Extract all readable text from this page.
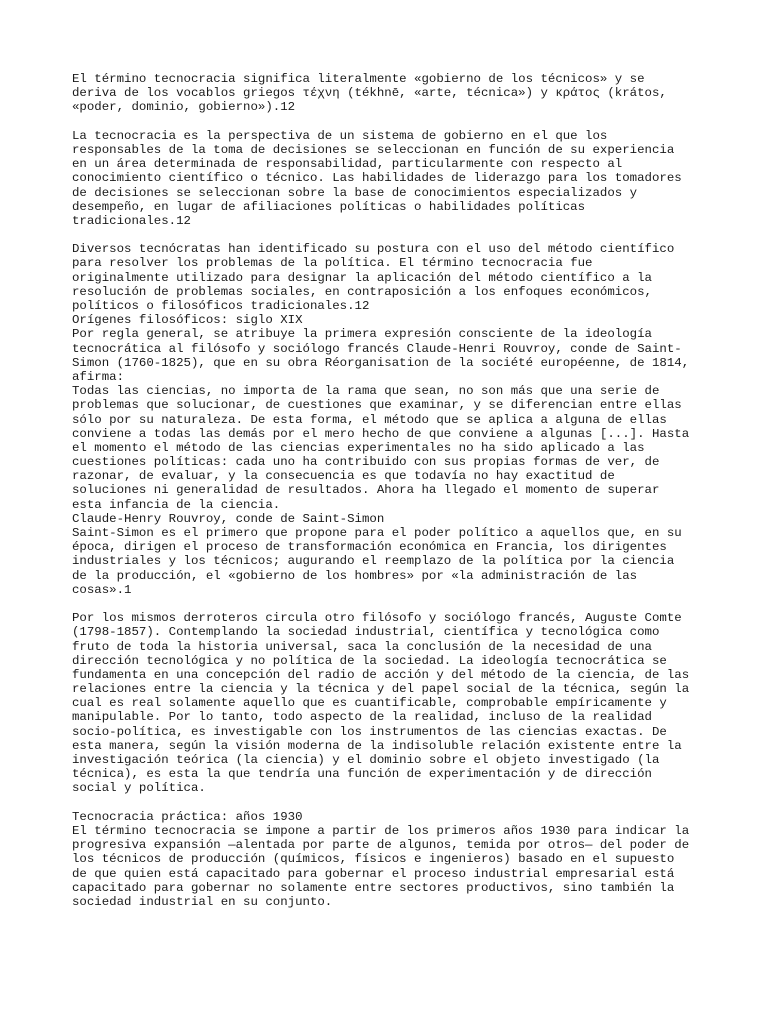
El término tecnocracia significa literalmente «gobierno de los técnicos» y se
deriva de los vocablos griegos τέχνη (tékhnē, «arte, técnica») y κράτος (krátos,
«poder, dominio, gobierno»).12
La tecnocracia es la perspectiva de un sistema de gobierno en el que los
responsables de la toma de decisiones se seleccionan en función de su experiencia
en un área determinada de responsabilidad, particularmente con respecto al
conocimiento científico o técnico. Las habilidades de liderazgo para los tomadores
de decisiones se seleccionan sobre la base de conocimientos especializados y
desempeño, en lugar de afiliaciones políticas o habilidades políticas
tradicionales.12
Diversos tecnócratas han identificado su postura con el uso del método científico
para resolver los problemas de la política. El término tecnocracia fue
originalmente utilizado para designar la aplicación del método científico a la
resolución de problemas sociales, en contraposición a los enfoques económicos,
políticos o filosóficos tradicionales.12
Orígenes filosóficos: siglo XIX
Por regla general, se atribuye la primera expresión consciente de la ideología
tecnocrática al filósofo y sociólogo francés Claude-Henri Rouvroy, conde de Saint-
Simon (1760-1825), que en su obra Réorganisation de la société européenne, de 1814,
afirma:
Todas las ciencias, no importa de la rama que sean, no son más que una serie de
problemas que solucionar, de cuestiones que examinar, y se diferencian entre ellas
sólo por su naturaleza. De esta forma, el método que se aplica a alguna de ellas
conviene a todas las demás por el mero hecho de que conviene a algunas [...]. Hasta
el momento el método de las ciencias experimentales no ha sido aplicado a las
cuestiones políticas: cada uno ha contribuido con sus propias formas de ver, de
razonar, de evaluar, y la consecuencia es que todavía no hay exactitud de
soluciones ni generalidad de resultados. Ahora ha llegado el momento de superar
esta infancia de la ciencia.
Claude-Henry Rouvroy, conde de Saint-Simon
Saint-Simon es el primero que propone para el poder político a aquellos que, en su
época, dirigen el proceso de transformación económica en Francia, los dirigentes
industriales y los técnicos; augurando el reemplazo de la política por la ciencia
de la producción, el «gobierno de los hombres» por «la administración de las
cosas».1
Por los mismos derroteros circula otro filósofo y sociólogo francés, Auguste Comte
(1798-1857). Contemplando la sociedad industrial, científica y tecnológica como
fruto de toda la historia universal, saca la conclusión de la necesidad de una
dirección tecnológica y no política de la sociedad. La ideología tecnocrática se
fundamenta en una concepción del radio de acción y del método de la ciencia, de las
relaciones entre la ciencia y la técnica y del papel social de la técnica, según la
cual es real solamente aquello que es cuantificable, comprobable empíricamente y
manipulable. Por lo tanto, todo aspecto de la realidad, incluso de la realidad
socio-política, es investigable con los instrumentos de las ciencias exactas. De
esta manera, según la visión moderna de la indisoluble relación existente entre la
investigación teórica (la ciencia) y el dominio sobre el objeto investigado (la
técnica), es esta la que tendría una función de experimentación y de dirección
social y política.
Tecnocracia práctica: años 1930
El término tecnocracia se impone a partir de los primeros años 1930 para indicar la
progresiva expansión —alentada por parte de algunos, temida por otros— del poder de
los técnicos de producción (químicos, físicos e ingenieros) basado en el supuesto
de que quien está capacitado para gobernar el proceso industrial empresarial está
capacitado para gobernar no solamente entre sectores productivos, sino también la
sociedad industrial en su conjunto.
